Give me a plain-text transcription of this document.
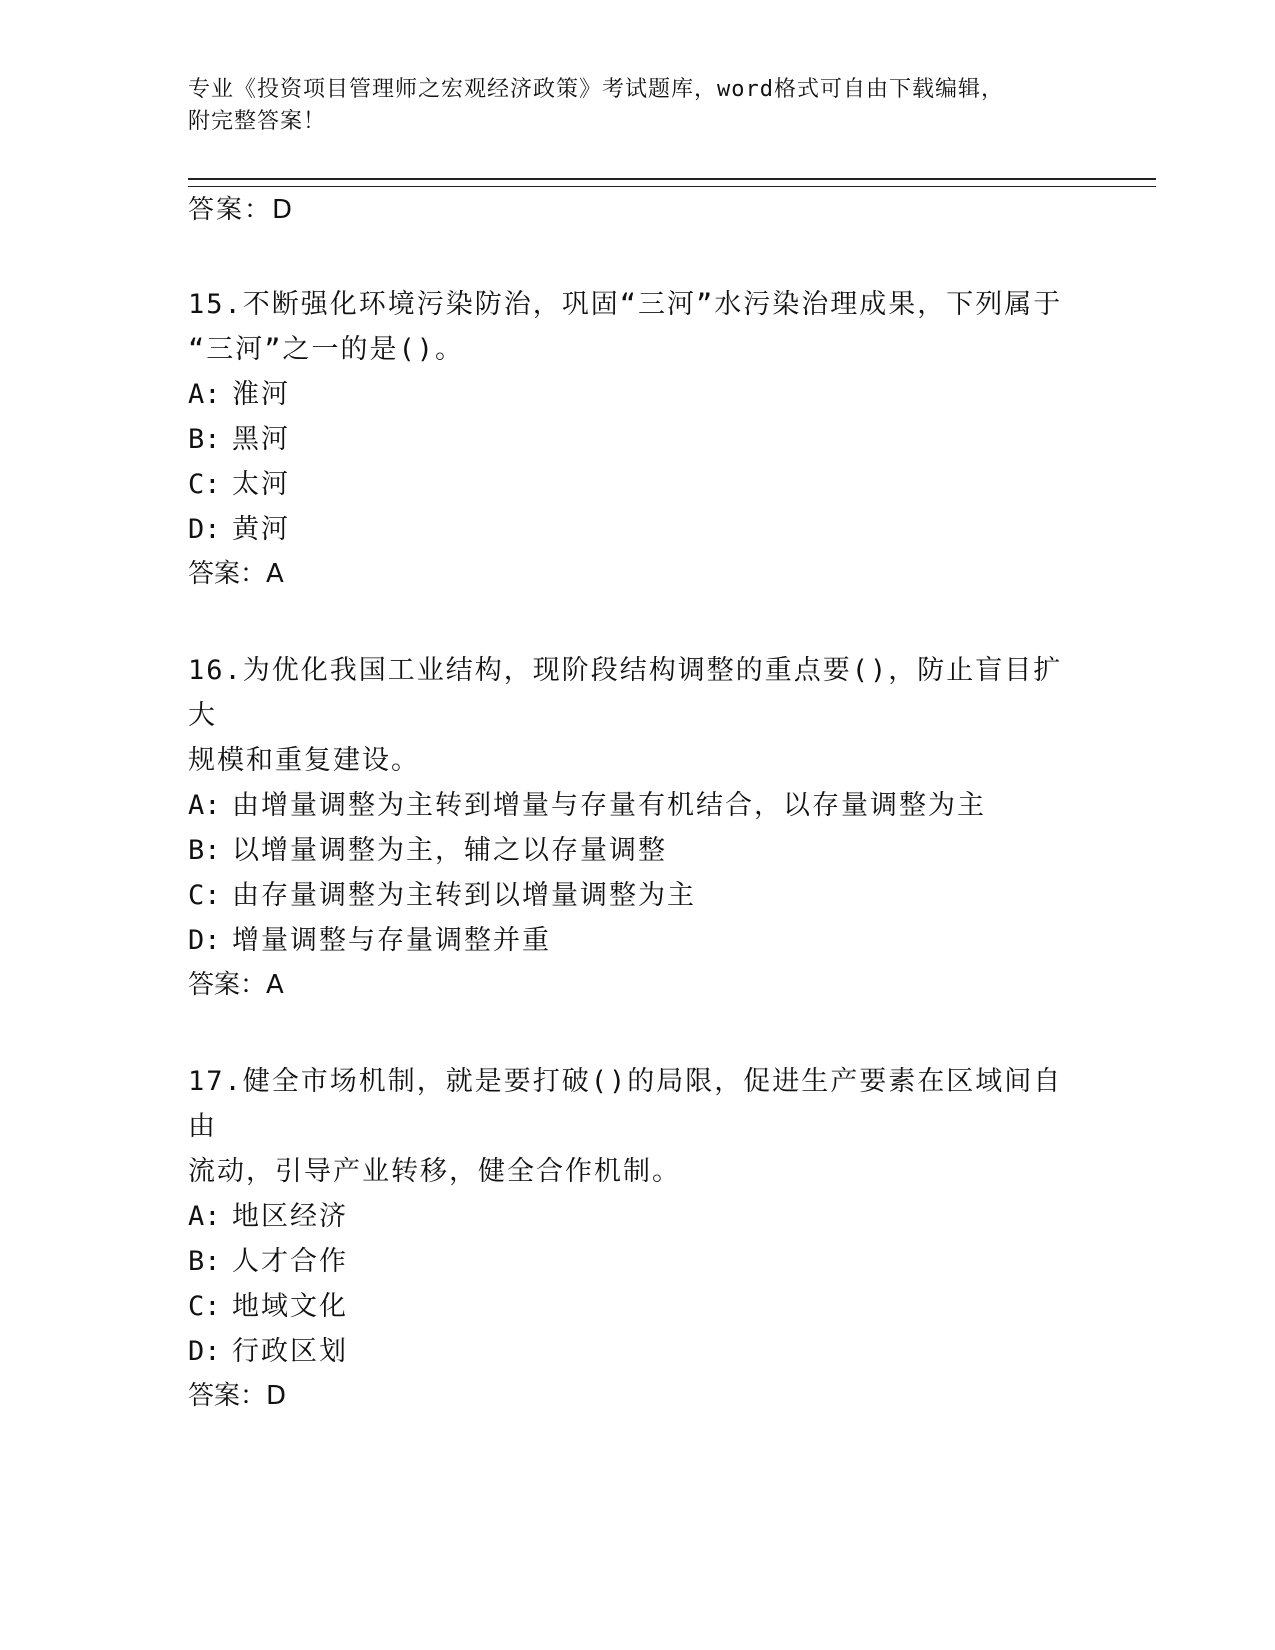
专业《投资项目管理师之宏观经济政策》考试题库，word格式可自由下载编辑，
附完整答案！
答案：D
15.不断强化环境污染防治，巩固“三河”水污染治理成果，下列属于
“三河”之一的是()。
A: 淮河
B: 黑河
C: 太河
D: 黄河
答案：A
16.为优化我国工业结构，现阶段结构调整的重点要()，防止盲目扩大
规模和重复建设。
A: 由增量调整为主转到增量与存量有机结合，以存量调整为主
B: 以增量调整为主，辅之以存量调整
C: 由存量调整为主转到以增量调整为主
D: 增量调整与存量调整并重
答案：A
17.健全市场机制，就是要打破()的局限，促进生产要素在区域间自由
流动，引导产业转移，健全合作机制。
A: 地区经济
B: 人才合作
C: 地域文化
D: 行政区划
答案：D
